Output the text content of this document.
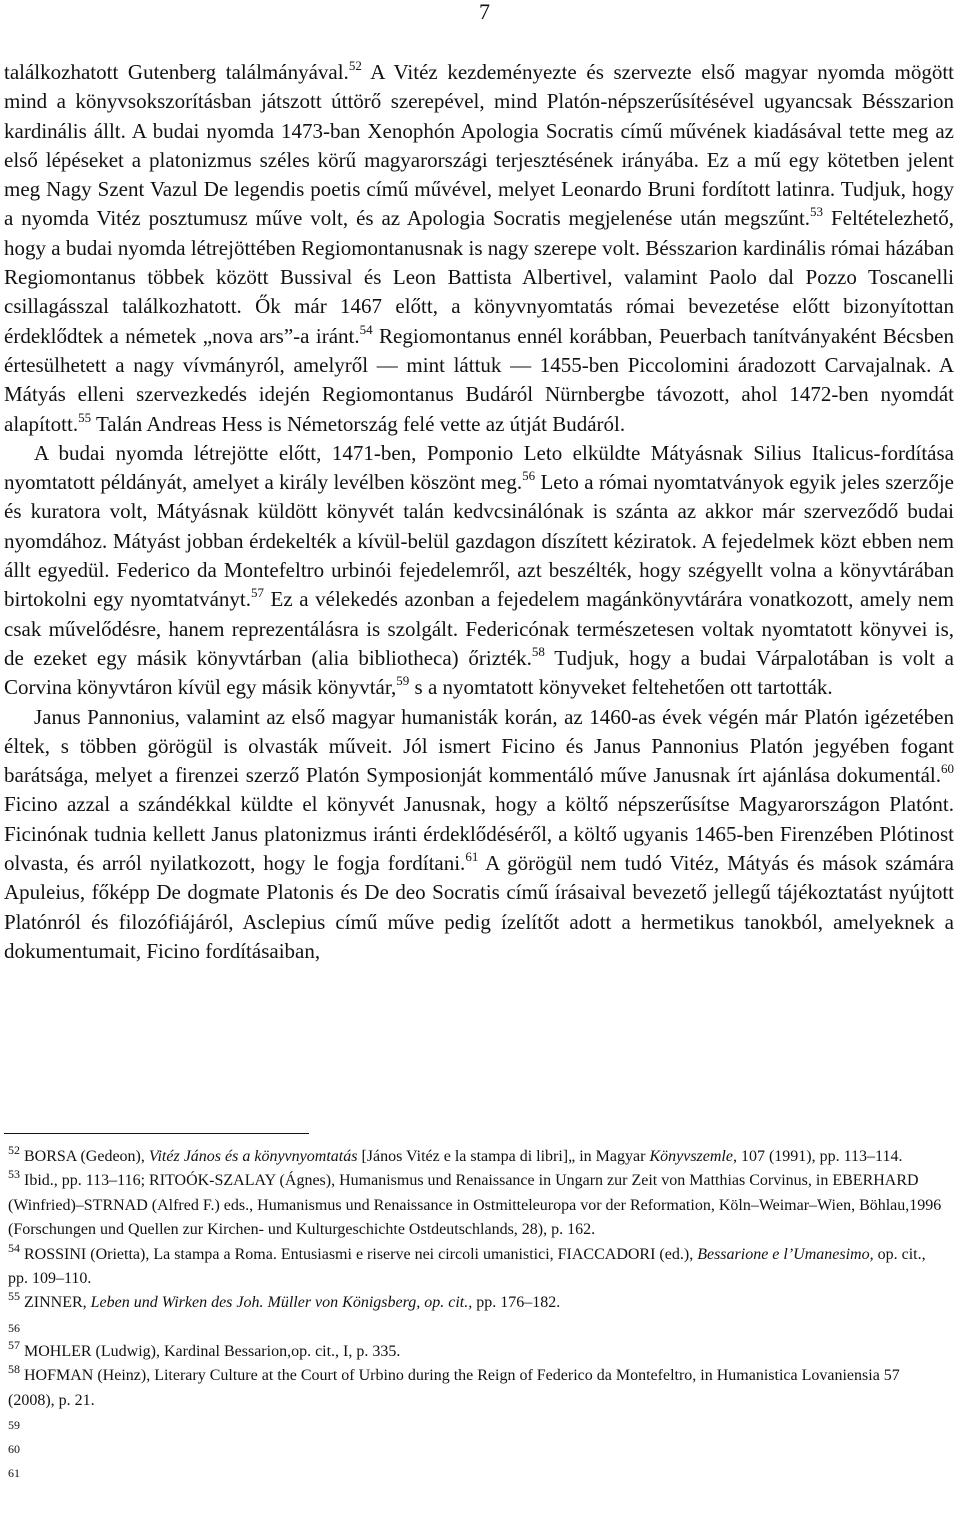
7

találkozhatott Gutenberg találmányával.$^{52}$ A Vitéz kezdeményezte és szervezte első magyar nyomda mögött mind a könyvsokszorításban játszott úttörő szerepével, mind Platón-népszerűsítésével ugyancsak Bésszarion kardinális állt. A budai nyomda 1473-ban Xenophón Apologia Socratis című művének kiadásával tette meg az első lépéseket a platonizmus széles körű magyarországi terjesztésének irányába. Ez a mű egy kötetben jelent meg Nagy Szent Vazul De legendis poetis című művével, melyet Leonardo Bruni fordított latinra. Tudjuk, hogy a nyomda Vitéz posztumusz műve volt, és az Apologia Socratis megjelenése után megszűnt.$^{53}$ Feltételezhető, hogy a budai nyomda létrejöttében Regiomontanusnak is nagy szerepe volt. Bésszarion kardinális római házában Regiomontanus többek között Bussival és Leon Battista Albertivel, valamint Paolo dal Pozzo Toscanelli csillagásszal találkozhatott. Ők már 1467 előtt, a könyvnyomtatás római bevezetése előtt bizonyítottan érdeklődtek a németek „nova ars”-a iránt.$^{54}$ Regiomontanus ennél korábban, Peuerbach tanítványaként Bécsben értesülhetett a nagy vívmányról, amelyről — mint láttuk — 1455-ben Piccolomini áradozott Carvajalnak. A Mátyás elleni szervezkedés idején Regiomontanus Budáról Nürnbergbe távozott, ahol 1472-ben nyomdát alapított.$^{55}$ Talán Andreas Hess is Németország felé vette az útját Budáról.

A budai nyomda létrejötte előtt, 1471-ben, Pomponio Leto elküldte Mátyásnak Silius Italicus-fordítása nyomtatott példányát, amelyet a király levélben köszönt meg.$^{56}$ Leto a római nyomtatványok egyik jeles szerzője és kuratora volt, Mátyásnak küldött könyvét talán kedvcsinálónak is szánta az akkor már szerveződő budai nyomdához. Mátyást jobban érdekelték a kívül-belül gazdagon díszített kéziratok. A fejedelmek közt ebben nem állt egyedül. Federico da Montefeltro urbinói fejedelemről, azt beszélték, hogy szégyellt volna a könyvtárában birtokolni egy nyomtatványt.$^{57}$ Ez a vélekedés azonban a fejedelem magánkönyvtárára vonatkozott, amely nem csak művelődésre, hanem reprezentálásra is szolgált. Federicónak természetesen voltak nyomtatott könyvei is, de ezeket egy másik könyvtárban (alia bibliotheca) őrizték.$^{58}$ Tudjuk, hogy a budai Várpalotában is volt a Corvina könyvtáron kívül egy másik könyvtár,$^{59}$ s a nyomtatott könyveket feltehetően ott tartották.

Janus Pannonius, valamint az első magyar humanisták korán, az 1460-as évek végén már Platón igézetében éltek, s többen görögül is olvasták műveit. Jól ismert Ficino és Janus Pannonius Platón jegyében fogant barátsága, melyet a firenzei szerző Platón Symposionját kommentáló műve Janusnak írt ajánlása dokumentál.$^{60}$ Ficino azzal a szándékkal küldte el könyvét Janusnak, hogy a költő népszerűsítse Magyarországon Platónt. Ficinónak tudnia kellett Janus platonizmus iránti érdeklődéséről, a költő ugyanis 1465-ben Firenzében Plótinost olvasta, és arról nyilatkozott, hogy le fogja fordítani.$^{61}$ A görögül nem tudó Vitéz, Mátyás és mások számára Apuleius, főképp De dogmate Platonis és De deo Socratis című írásaival bevezető jellegű tájékoztatást nyújtott Platónról és filozófiájáról, Asclepius című műve pedig ízelítőt adott a hermetikus tanokból, amelyeknek a dokumentumait, Ficino fordításaiban,

$^{52}$ BORSA (Gedeon), Vitéz János és a könyvnyomtatás [János Vitéz e la stampa di libri]„ in Magyar Könyvszemle, 107 (1991), pp. 113–114.

$^{53}$ Ibid., pp. 113–116; RITOÓK-SZALAY (Ágnes), Humanismus und Renaissance in Ungarn zur Zeit von Matthias Corvinus, in EBERHARD (Winfried)–STRNAD (Alfred F.) eds., Humanismus und Renaissance in Ostmitteleuropa vor der Reformation, Köln–Weimar–Wien, Böhlau,1996 (Forschungen und Quellen zur Kirchen- und Kulturgeschichte Ostdeutschlands, 28), p. 162.

$^{54}$ ROSSINI (Orietta), La stampa a Roma. Entusiasmi e riserve nei circoli umanistici, FIACCADORI (ed.), Bessarione e l’Umanesimo, op. cit., pp. 109–110.

$^{55}$ ZINNER, Leben und Wirken des Joh. Müller von Königsberg, op. cit., pp. 176–182.

56

$^{57}$ MOHLER (Ludwig), Kardinal Bessarion,op. cit., I, p. 335.

$^{58}$ HOFMAN (Heinz), Literary Culture at the Court of Urbino during the Reign of Federico da Montefeltro, in Humanistica Lovaniensia 57 (2008), p. 21.

59

60

61
